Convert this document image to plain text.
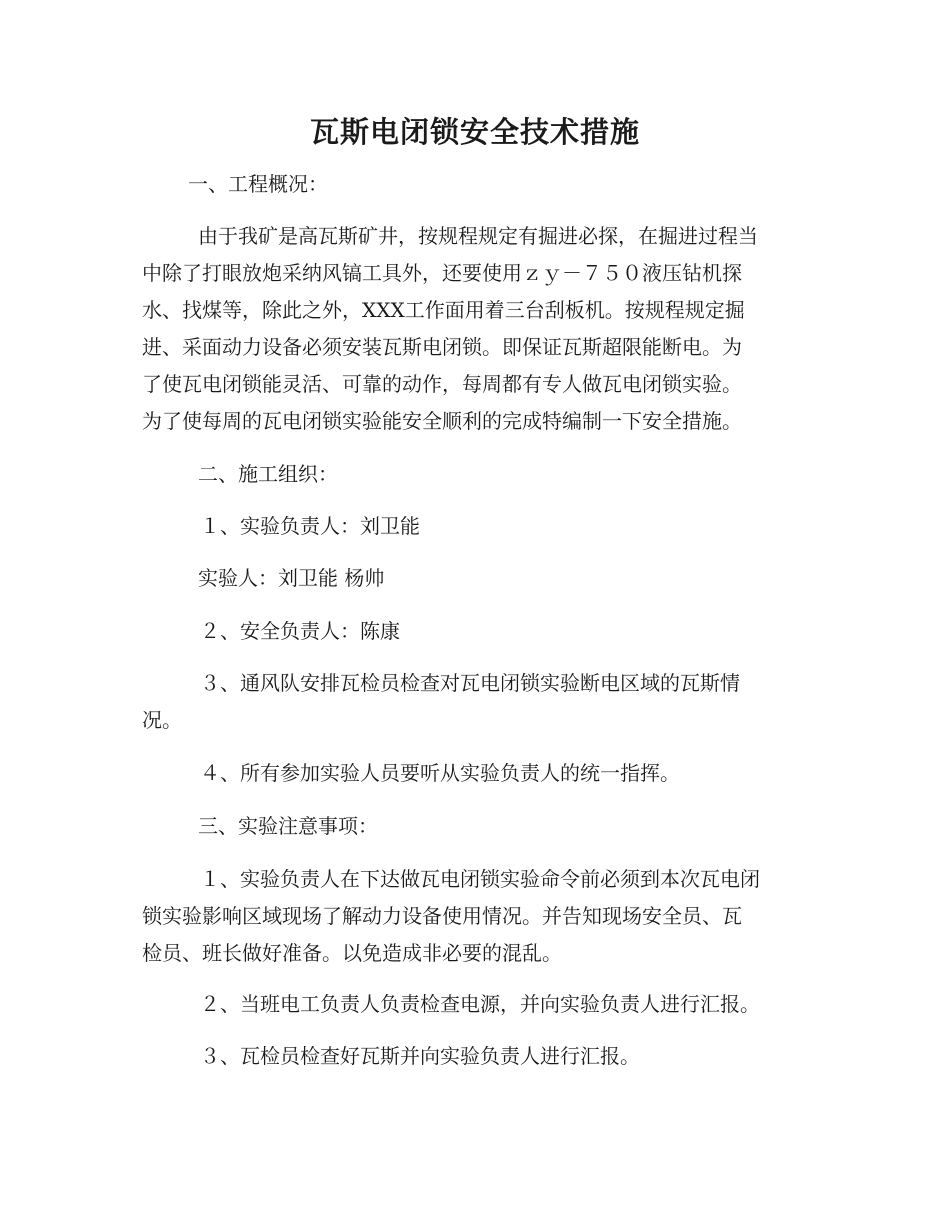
瓦斯电闭锁安全技术措施

一、工程概况：

由于我矿是高瓦斯矿井，按规程规定有掘进必探，在掘进过程当
中除了打眼放炮采纳风镐工具外，还要使用ｚｙ－７５０液压钻机探
水、找煤等，除此之外，XXX工作面用着三台刮板机。按规程规定掘
进、采面动力设备必须安装瓦斯电闭锁。即保证瓦斯超限能断电。为
了使瓦电闭锁能灵活、可靠的动作，每周都有专人做瓦电闭锁实验。
为了使每周的瓦电闭锁实验能安全顺利的完成特编制一下安全措施。

二、施工组织：

１、实验负责人：刘卫能

实验人：刘卫能 杨帅

２、安全负责人：陈康

３、通风队安排瓦检员检查对瓦电闭锁实验断电区域的瓦斯情
况。

４、所有参加实验人员要听从实验负责人的统一指挥。

三、实验注意事项：

１、实验负责人在下达做瓦电闭锁实验命令前必须到本次瓦电闭
锁实验影响区域现场了解动力设备使用情况。并告知现场安全员、瓦
检员、班长做好准备。以免造成非必要的混乱。

２、当班电工负责人负责检查电源，并向实验负责人进行汇报。

３、瓦检员检查好瓦斯并向实验负责人进行汇报。
